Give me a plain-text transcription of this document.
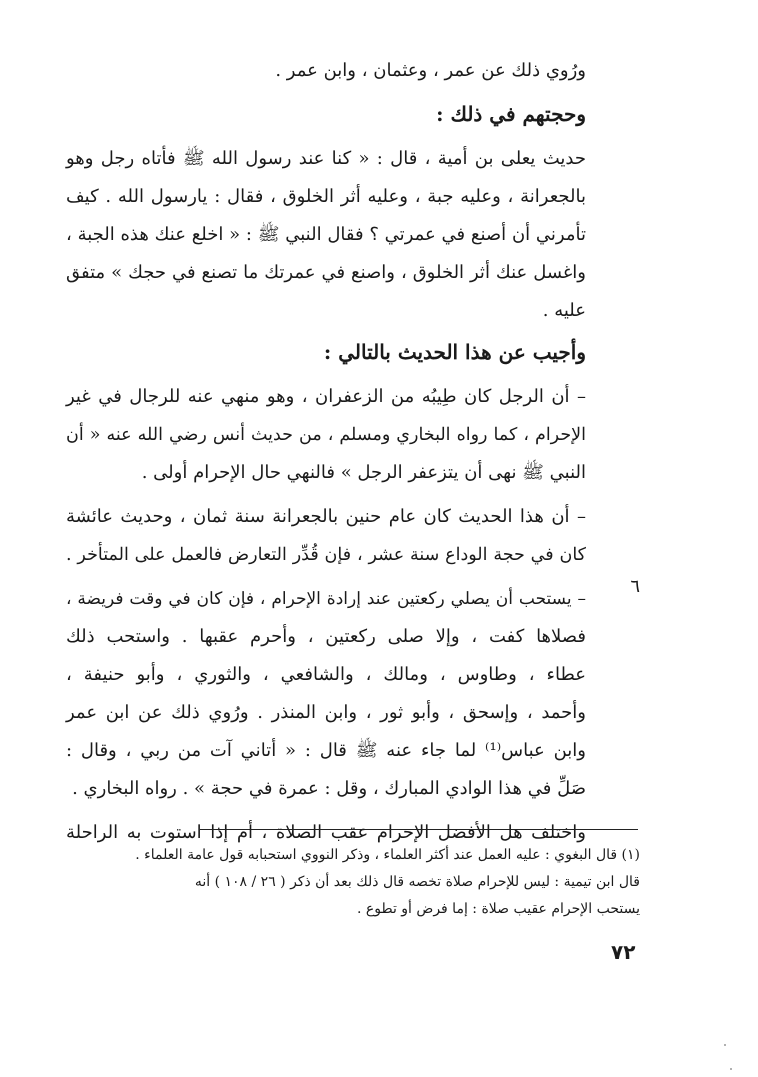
ورُوي ذلك عن عمر ، وعثمان ، وابن عمر .
وحجتهم في ذلك :
حديث يعلى بن أمية ، قال : « كنا عند رسول الله ﷺ فأتاه رجل وهو
بالجعرانة ، وعليه جبة ، وعليه أثر الخلوق ، فقال : يارسول الله . كيف
تأمرني أن أصنع في عمرتي ؟ فقال النبي ﷺ : « اخلع عنك هذه الجبة ،
واغسل عنك أثر الخلوق ، واصنع في عمرتك ما تصنع في حجك » متفق
عليه .
وأجيب عن هذا الحديث بالتالي :
– أن الرجل كان طِيبُه من الزعفران ، وهو منهي عنه للرجال في غير
الإحرام ، كما رواه البخاري ومسلم ، من حديث أنس رضي الله عنه « أن
النبي ﷺ نهى أن يتزعفر الرجل » فالنهي حال الإحرام أولى .
– أن هذا الحديث كان عام حنين بالجعرانة سنة ثمان ، وحديث عائشة
كان في حجة الوداع سنة عشر ، فإن قُدِّر التعارض فالعمل على المتأخر .
– يستحب أن يصلي ركعتين عند إرادة الإحرام ، فإن كان في وقت فريضة ،
فصلاها كفت ، وإلا صلى ركعتين ، وأحرم عقبها . واستحب ذلك
عطاء ، وطاوس ، ومالك ، والشافعي ، والثوري ، وأبو حنيفة ،
وأحمد ، وإسحق ، وأبو ثور ، وابن المنذر . ورُوي ذلك عن ابن عمر
وابن عباس⁽¹⁾ لما جاء عنه ﷺ قال : « أتاني آت من ربي ، وقال :
صَلِّ في هذا الوادي المبارك ، وقل : عمرة في حجة » . رواه البخاري .
واختلف هل الأفضل الإحرام عقب الصلاة ، أم إذا استوت به الراحلة
٦
(١) قال البغوي : عليه العمل عند أكثر العلماء ، وذكر النووي استحبابه قول عامة العلماء .
قال ابن تيمية : ليس للإحرام صلاة تخصه قال ذلك بعد أن ذكر ( ٢٦ / ١٠٨ ) أنه
يستحب الإحرام عقيب صلاة : إما فرض أو تطوع .
٧٢
